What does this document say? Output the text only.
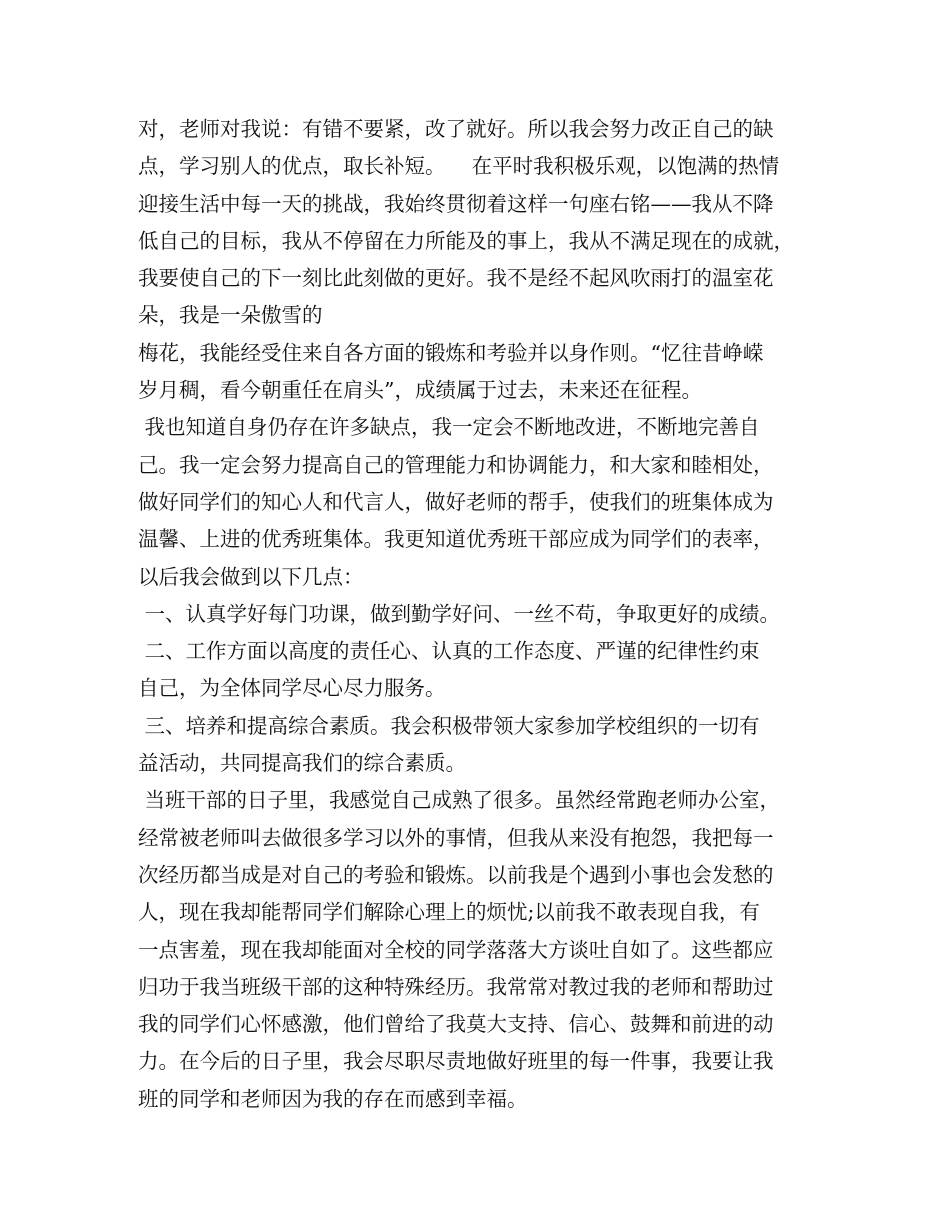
对，老师对我说：有错不要紧，改了就好。所以我会努力改正自己的缺
点，学习别人的优点，取长补短。    在平时我积极乐观，以饱满的热情
迎接生活中每一天的挑战，我始终贯彻着这样一句座右铭——我从不降
低自己的目标，我从不停留在力所能及的事上，我从不满足现在的成就，
我要使自己的下一刻比此刻做的更好。我不是经不起风吹雨打的温室花
朵，我是一朵傲雪的
梅花，我能经受住来自各方面的锻炼和考验并以身作则。“忆往昔峥嵘
岁月稠，看今朝重任在肩头”，成绩属于过去，未来还在征程。
我也知道自身仍存在许多缺点，我一定会不断地改进，不断地完善自
己。我一定会努力提高自己的管理能力和协调能力，和大家和睦相处，
做好同学们的知心人和代言人，做好老师的帮手，使我们的班集体成为
温馨、上进的优秀班集体。我更知道优秀班干部应成为同学们的表率，
以后我会做到以下几点：
一、认真学好每门功课，做到勤学好问、一丝不苟，争取更好的成绩。
二、工作方面以高度的责任心、认真的工作态度、严谨的纪律性约束
自己，为全体同学尽心尽力服务。
三、培养和提高综合素质。我会积极带领大家参加学校组织的一切有
益活动，共同提高我们的综合素质。
当班干部的日子里，我感觉自己成熟了很多。虽然经常跑老师办公室，
经常被老师叫去做很多学习以外的事情，但我从来没有抱怨，我把每一
次经历都当成是对自己的考验和锻炼。以前我是个遇到小事也会发愁的
人，现在我却能帮同学们解除心理上的烦忧;以前我不敢表现自我，有
一点害羞，现在我却能面对全校的同学落落大方谈吐自如了。这些都应
归功于我当班级干部的这种特殊经历。我常常对教过我的老师和帮助过
我的同学们心怀感激，他们曾给了我莫大支持、信心、鼓舞和前进的动
力。在今后的日子里，我会尽职尽责地做好班里的每一件事，我要让我
班的同学和老师因为我的存在而感到幸福。
